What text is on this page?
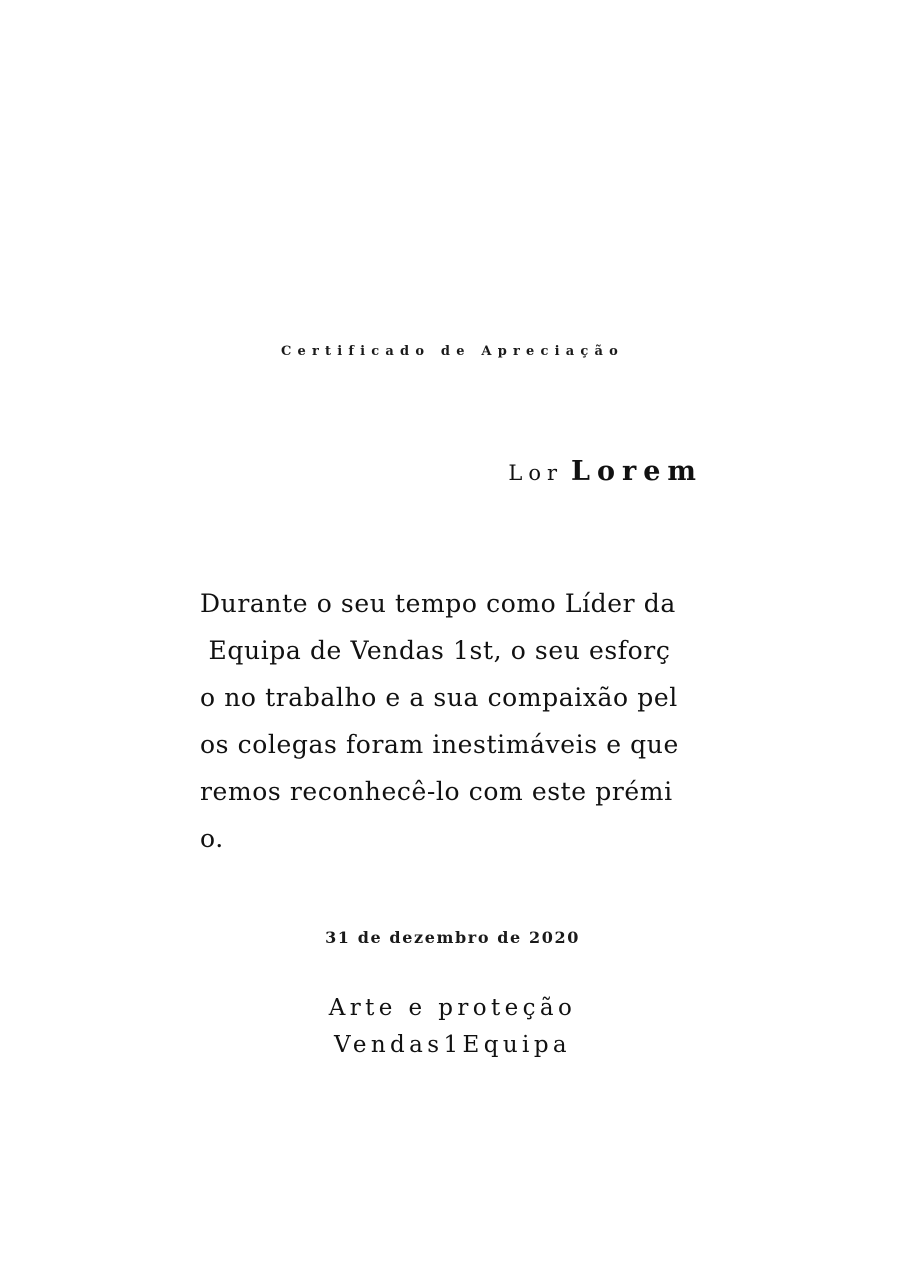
Certificado de Apreciação
Lor Lorem
Durante o seu tempo como Líder da
Equipa de Vendas 1st, o seu esforç
o no trabalho e a sua compaixão pel
os colegas foram inestimáveis e que
remos reconhecê-lo com este prémi
o.
31 de dezembro de 2020
Arte e proteção
Vendas1Equipa
